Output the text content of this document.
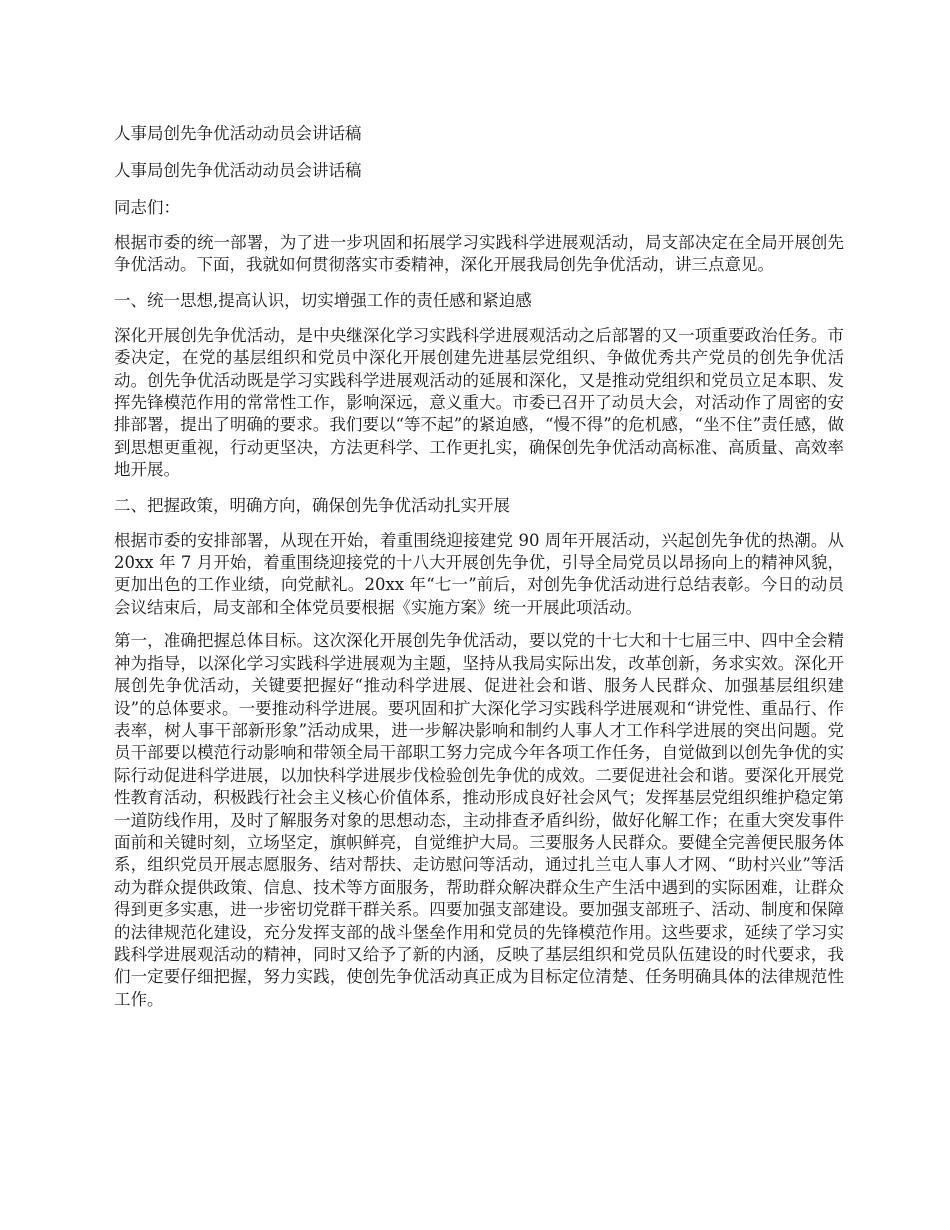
人事局创先争优活动动员会讲话稿
人事局创先争优活动动员会讲话稿
同志们：
根据市委的统一部署，为了进一步巩固和拓展学习实践科学进展观活动，局支部决定在全局开展创先争优活动。下面，我就如何贯彻落实市委精神，深化开展我局创先争优活动，讲三点意见。
一、统一思想,提高认识，切实增强工作的责任感和紧迫感
深化开展创先争优活动，是中央继深化学习实践科学进展观活动之后部署的又一项重要政治任务。市委决定，在党的基层组织和党员中深化开展创建先进基层党组织、争做优秀共产党员的创先争优活动。创先争优活动既是学习实践科学进展观活动的延展和深化，又是推动党组织和党员立足本职、发挥先锋模范作用的常常性工作，影响深远，意义重大。市委已召开了动员大会，对活动作了周密的安排部署，提出了明确的要求。我们要以“等不起”的紧迫感，“慢不得”的危机感，“坐不住”责任感，做到思想更重视，行动更坚决，方法更科学、工作更扎实，确保创先争优活动高标准、高质量、高效率地开展。
二、把握政策，明确方向，确保创先争优活动扎实开展
根据市委的安排部署，从现在开始，着重围绕迎接建党 90 周年开展活动，兴起创先争优的热潮。从 20xx 年 7 月开始，着重围绕迎接党的十八大开展创先争优，引导全局党员以昂扬向上的精神风貌，更加出色的工作业绩，向党献礼。20xx 年“七一”前后，对创先争优活动进行总结表彰。今日的动员会议结束后，局支部和全体党员要根据《实施方案》统一开展此项活动。
第一，准确把握总体目标。这次深化开展创先争优活动，要以党的十七大和十七届三中、四中全会精神为指导，以深化学习实践科学进展观为主题，坚持从我局实际出发，改革创新，务求实效。深化开展创先争优活动，关键要把握好“推动科学进展、促进社会和谐、服务人民群众、加强基层组织建设”的总体要求。一要推动科学进展。要巩固和扩大深化学习实践科学进展观和“讲党性、重品行、作表率，树人事干部新形象”活动成果，进一步解决影响和制约人事人才工作科学进展的突出问题。党员干部要以模范行动影响和带领全局干部职工努力完成今年各项工作任务，自觉做到以创先争优的实际行动促进科学进展，以加快科学进展步伐检验创先争优的成效。二要促进社会和谐。要深化开展党性教育活动，积极践行社会主义核心价值体系，推动形成良好社会风气；发挥基层党组织维护稳定第一道防线作用，及时了解服务对象的思想动态，主动排查矛盾纠纷，做好化解工作；在重大突发事件面前和关键时刻，立场坚定，旗帜鲜亮，自觉维护大局。三要服务人民群众。要健全完善便民服务体系，组织党员开展志愿服务、结对帮扶、走访慰问等活动，通过扎兰屯人事人才网、“助村兴业”等活动为群众提供政策、信息、技术等方面服务，帮助群众解决群众生产生活中遇到的实际困难，让群众得到更多实惠，进一步密切党群干群关系。四要加强支部建设。要加强支部班子、活动、制度和保障的法律规范化建设，充分发挥支部的战斗堡垒作用和党员的先锋模范作用。这些要求，延续了学习实践科学进展观活动的精神，同时又给予了新的内涵，反映了基层组织和党员队伍建设的时代要求，我们一定要仔细把握，努力实践，使创先争优活动真正成为目标定位清楚、任务明确具体的法律规范性工作。
